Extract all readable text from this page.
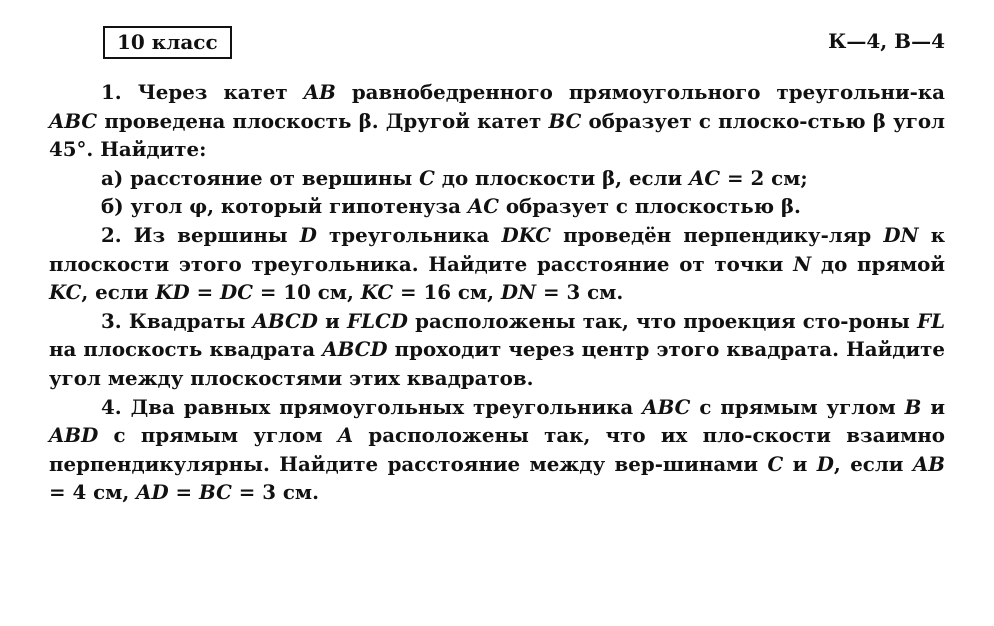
10 класс	К—4, В—4

1. Через катет AB равнобедренного прямоугольного треугольни-ка ABC проведена плоскость β. Другой катет BC образует с плоско-стью β угол 45°. Найдите:

а) расстояние от вершины C до плоскости β, если AC = 2 см;

б) угол φ, который гипотенуза AC образует с плоскостью β.

2. Из вершины D треугольника DKC проведён перпендику-ляр DN к плоскости этого треугольника. Найдите расстояние от точки N до прямой KC, если KD = DC = 10 см, KC = 16 см, DN = 3 см.

3. Квадраты ABCD и FLCD расположены так, что проекция сто-роны FL на плоскость квадрата ABCD проходит через центр этого квадрата. Найдите угол между плоскостями этих квадратов.

4. Два равных прямоугольных треугольника ABC с прямым углом B и ABD с прямым углом A расположены так, что их пло-скости взаимно перпендикулярны. Найдите расстояние между вер-шинами C и D, если AB = 4 см, AD = BC = 3 см.
